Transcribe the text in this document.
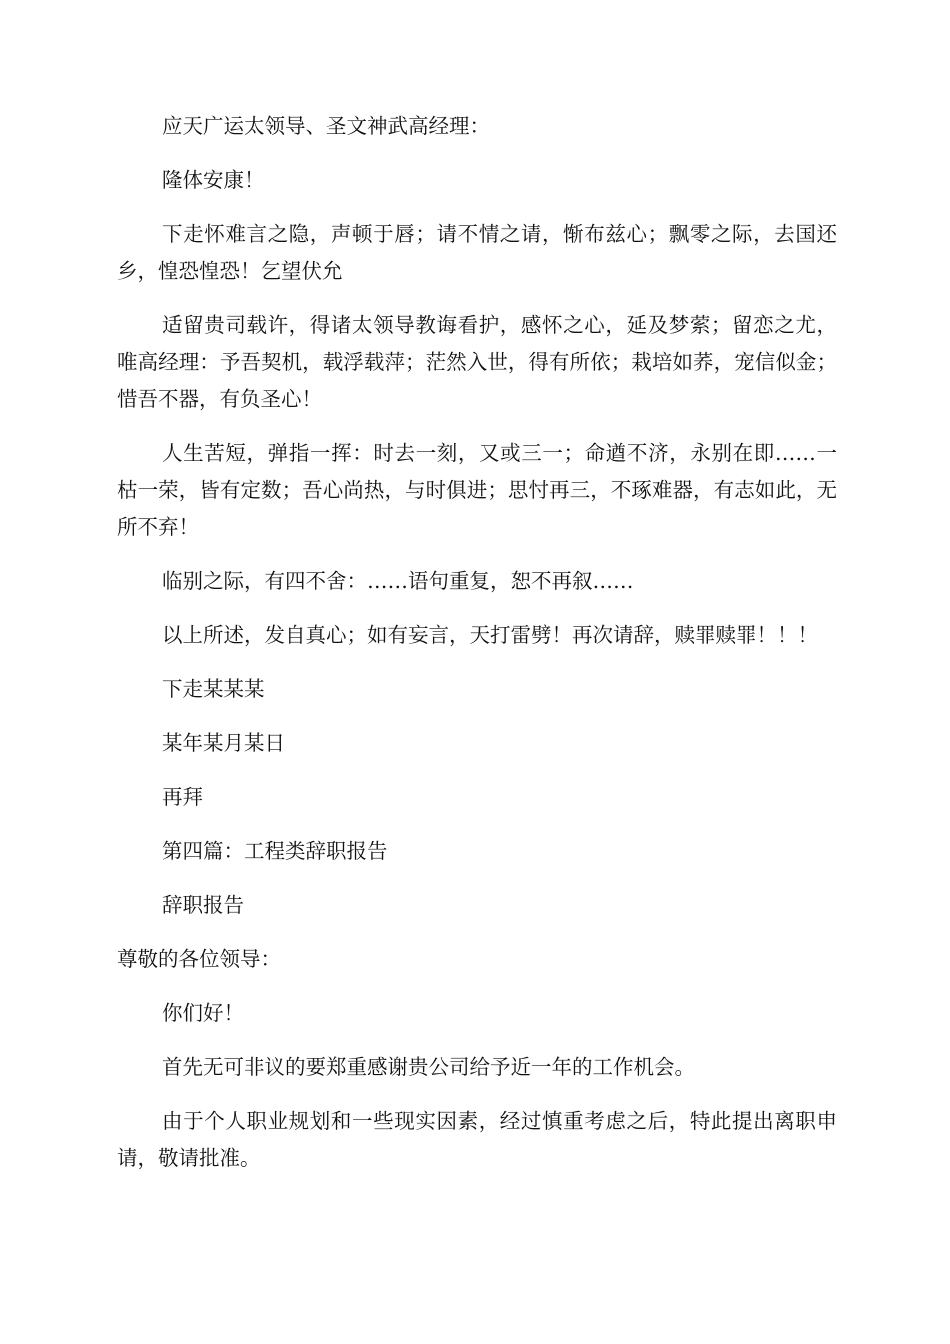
应天广运太领导、圣文神武高经理：

隆体安康！

下走怀难言之隐，声顿于唇；请不情之请，惭布兹心；飘零之际，去国还乡，惶恐惶恐！乞望伏允

适留贵司载许，得诸太领导教诲看护，感怀之心，延及梦萦；留恋之尤，唯高经理：予吾契机，载浮载萍；茫然入世，得有所依；栽培如荞，宠信似金；惜吾不器，有负圣心！

人生苦短，弹指一挥：时去一刻，又或三一；命遒不济，永别在即……一枯一荣，皆有定数；吾心尚热，与时俱进；思忖再三，不琢难器，有志如此，无所不弃！

临别之际，有四不舍：……语句重复，恕不再叙……

以上所述，发自真心；如有妄言，天打雷劈！再次请辞，赎罪赎罪！！！

下走某某某

某年某月某日

再拜

第四篇：工程类辞职报告

辞职报告

尊敬的各位领导：

你们好！

首先无可非议的要郑重感谢贵公司给予近一年的工作机会。

由于个人职业规划和一些现实因素，经过慎重考虑之后，特此提出离职申请，敬请批准。
